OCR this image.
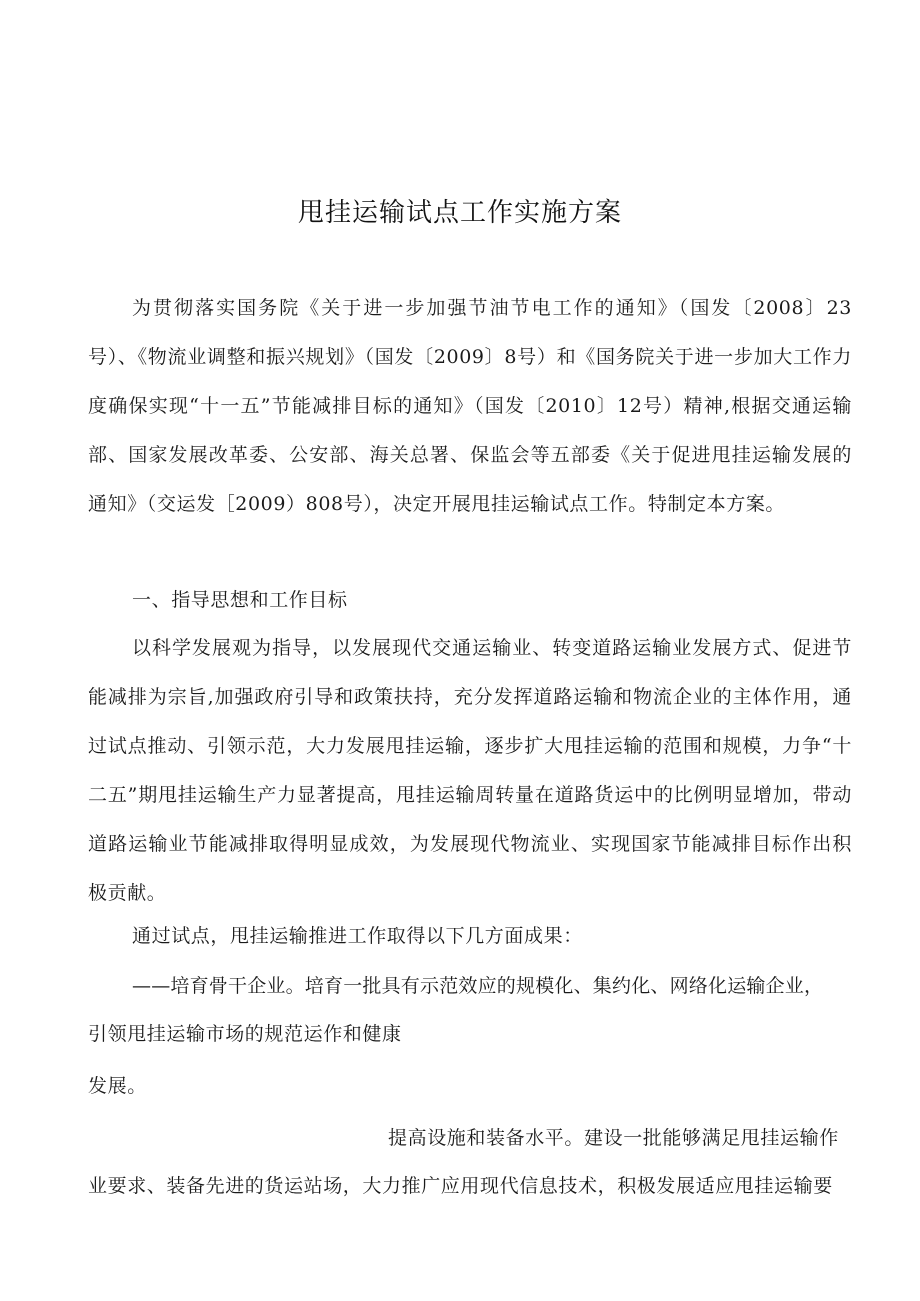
甩挂运输试点工作实施方案
为贯彻落实国务院《关于进一步加强节油节电工作的通知》（国发〔2008〕23号）、《物流业调整和振兴规划》（国发〔2009〕8号）和《国务院关于进一步加大工作力度确保实现“十一五”节能减排目标的通知》（国发〔2010〕12号）精神,根据交通运输部、国家发展改革委、公安部、海关总署、保监会等五部委《关于促进甩挂运输发展的通知》（交运发［2009）808号），决定开展甩挂运输试点工作。特制定本方案。
一、指导思想和工作目标
以科学发展观为指导，以发展现代交通运输业、转变道路运输业发展方式、促进节能减排为宗旨,加强政府引导和政策扶持，充分发挥道路运输和物流企业的主体作用，通过试点推动、引领示范，大力发展甩挂运输，逐步扩大甩挂运输的范围和规模，力争“十二五”期甩挂运输生产力显著提高，甩挂运输周转量在道路货运中的比例明显增加，带动道路运输业节能减排取得明显成效，为发展现代物流业、实现国家节能减排目标作出积极贡献。
通过试点，甩挂运输推进工作取得以下几方面成果：
——培育骨干企业。培育一批具有示范效应的规模化、集约化、网络化运输企业，
引领甩挂运输市场的规范运作和健康
发展。
提高设施和装备水平。建设一批能够满足甩挂运输作
业要求、装备先进的货运站场，大力推广应用现代信息技术，积极发展适应甩挂运输要
